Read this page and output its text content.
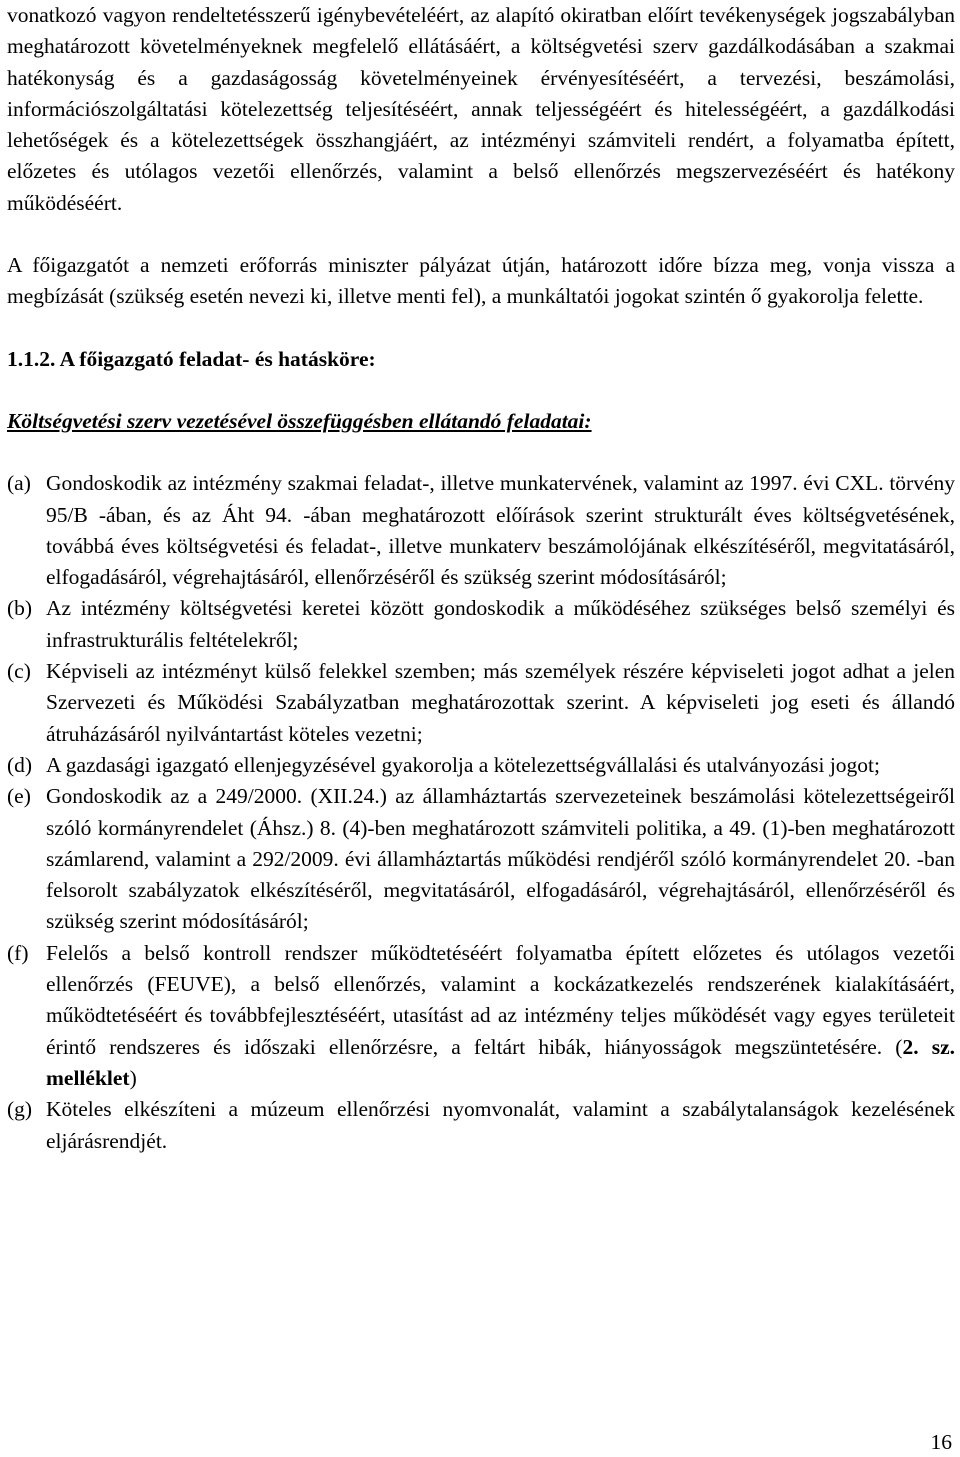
vonatkozó vagyon rendeltetésszerű igénybevételéért, az alapító okiratban előírt tevékenységek jogszabályban meghatározott követelményeknek megfelelő ellátásáért, a költségvetési szerv gazdálkodásában a szakmai hatékonyság és a gazdaságosság követelményeinek érvényesítéséért, a tervezési, beszámolási, információszolgáltatási kötelezettség teljesítéséért, annak teljességéért és hitelességéért, a gazdálkodási lehetőségek és a kötelezettségek összhangjáért, az intézményi számviteli rendért, a folyamatba épített, előzetes és utólagos vezetői ellenőrzés, valamint a belső ellenőrzés megszervezéséért és hatékony működéséért.

A főigazgatót a nemzeti erőforrás miniszter pályázat útján, határozott időre bízza meg, vonja vissza a megbízását (szükség esetén nevezi ki, illetve menti fel), a munkáltatói jogokat szintén ő gyakorolja felette.

1.1.2. A főigazgató feladat- és hatásköre:
Költségvetési szerv vezetésével összefüggésben ellátandó feladatai:
(a) Gondoskodik az intézmény szakmai feladat-, illetve munkatervének, valamint az 1997. évi CXL. törvény 95/B -ában, és az Áht 94. -ában meghatározott előírások szerint strukturált éves költségvetésének, továbbá éves költségvetési és feladat-, illetve munkaterv beszámolójának elkészítéséről, megvitatásáról, elfogadásáról, végrehajtásáról, ellenőrzéséről és szükség szerint módosításáról;
(b) Az intézmény költségvetési keretei között gondoskodik a működéséhez szükséges belső személyi és infrastrukturális feltételekről;
(c) Képviseli az intézményt külső felekkel szemben; más személyek részére képviseleti jogot adhat a jelen Szervezeti és Működési Szabályzatban meghatározottak szerint. A képviseleti jog eseti és állandó átruházásáról nyilvántartást köteles vezetni;
(d) A gazdasági igazgató ellenjegyzésével gyakorolja a kötelezettségvállalási és utalványozási jogot;
(e) Gondoskodik az a 249/2000. (XII.24.) az államháztartás szervezeteinek beszámolási kötelezettségeiről szóló kormányrendelet (Áhsz.) 8. (4)-ben meghatározott számviteli politika, a 49. (1)-ben meghatározott számlarend, valamint a 292/2009. évi államháztartás működési rendjéről szóló kormányrendelet 20. -ban felsorolt szabályzatok elkészítéséről, megvitatásáról, elfogadásáról, végrehajtásáról, ellenőrzéséről és szükség szerint módosításáról;
(f) Felelős a belső kontroll rendszer működtetéséért folyamatba épített előzetes és utólagos vezetői ellenőrzés (FEUVE), a belső ellenőrzés, valamint a kockázatkezelés rendszerének kialakításáért, működtetéséért és továbbfejlesztéséért, utasítást ad az intézmény teljes működését vagy egyes területeit érintő rendszeres és időszaki ellenőrzésre, a feltárt hibák, hiányosságok megszüntetésére. (2. sz. melléklet)
(g) Köteles elkészíteni a múzeum ellenőrzési nyomvonalát, valamint a szabálytalanságok kezelésének eljárásrendjét.
16
